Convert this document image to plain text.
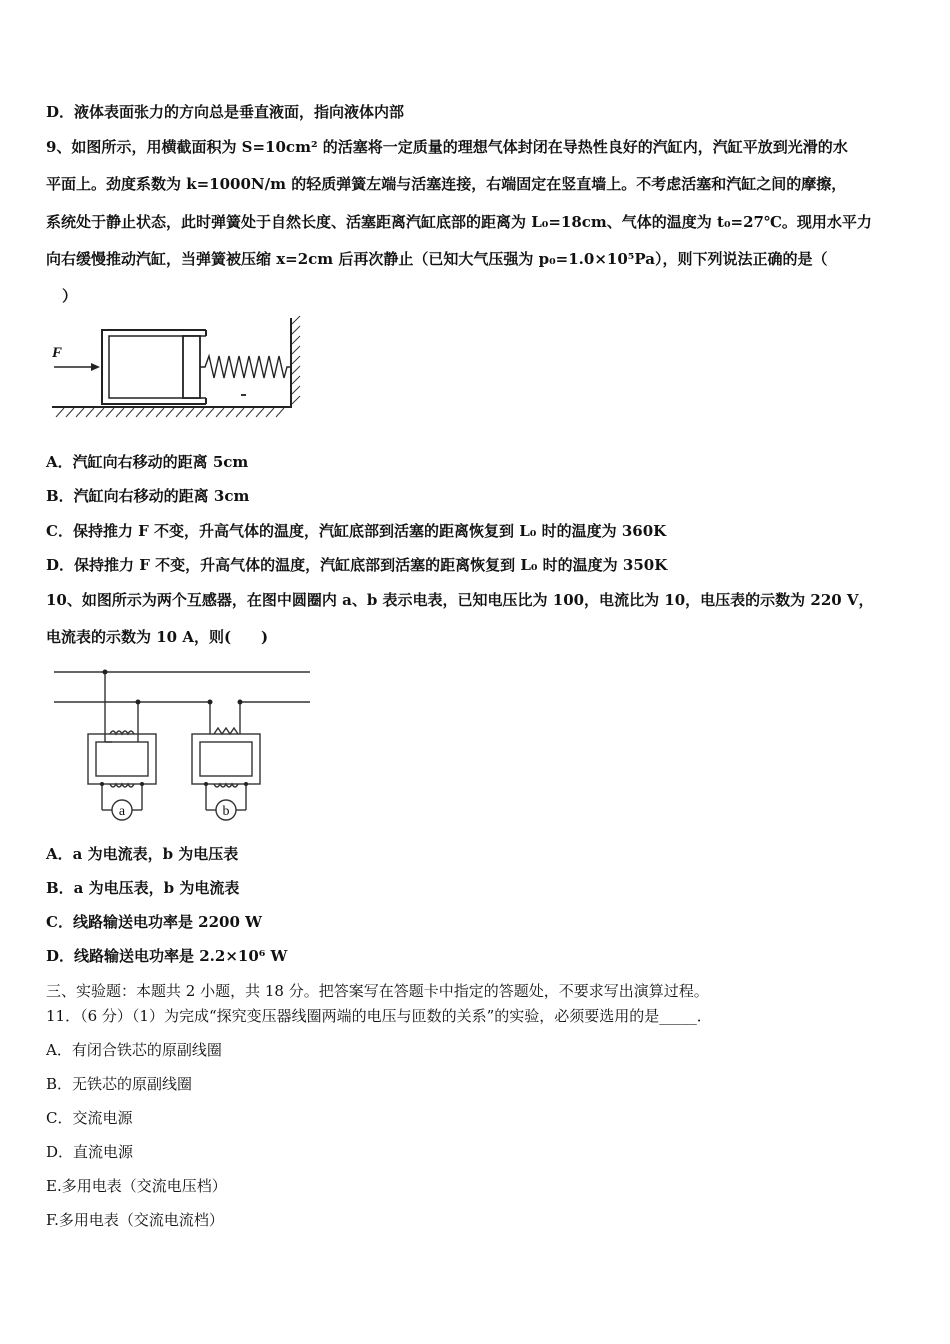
D．液体表面张力的方向总是垂直液面，指向液体内部
9、如图所示，用横截面积为 S=10cm² 的活塞将一定质量的理想气体封闭在导热性良好的汽缸内，汽缸平放到光滑的水
平面上。劲度系数为 k=1000N/m 的轻质弹簧左端与活塞连接，右端固定在竖直墙上。不考虑活塞和汽缸之间的摩擦，
系统处于静止状态，此时弹簧处于自然长度、活塞距离汽缸底部的距离为 L₀=18cm、气体的温度为 t₀=27℃。现用水平力
向右缓慢推动汽缸，当弹簧被压缩 x=2cm 后再次静止（已知大气压强为 p₀=1.0×10⁵Pa），则下列说法正确的是（
）
F
A．汽缸向右移动的距离 5cm
B．汽缸向右移动的距离 3cm
C．保持推力 F 不变，升高气体的温度，汽缸底部到活塞的距离恢复到 L₀ 时的温度为 360K
D．保持推力 F 不变，升高气体的温度，汽缸底部到活塞的距离恢复到 L₀ 时的温度为 350K
10、如图所示为两个互感器，在图中圆圈内 a、b 表示电表，已知电压比为 100，电流比为 10，电压表的示数为 220 V，
电流表的示数为 10 A，则(　　)
a	b
A．a 为电流表，b 为电压表
B．a 为电压表，b 为电流表
C．线路输送电功率是 2200 W
D．线路输送电功率是 2.2×10⁶ W
三、实验题：本题共 2 小题，共 18 分。把答案写在答题卡中指定的答题处，不要求写出演算过程。
11．（6 分）（1）为完成“探究变压器线圈两端的电压与匝数的关系”的实验，必须要选用的是_____．
A．有闭合铁芯的原副线圈
B．无铁芯的原副线圈
C．交流电源
D．直流电源
E.多用电表（交流电压档）
F.多用电表（交流电流档）
